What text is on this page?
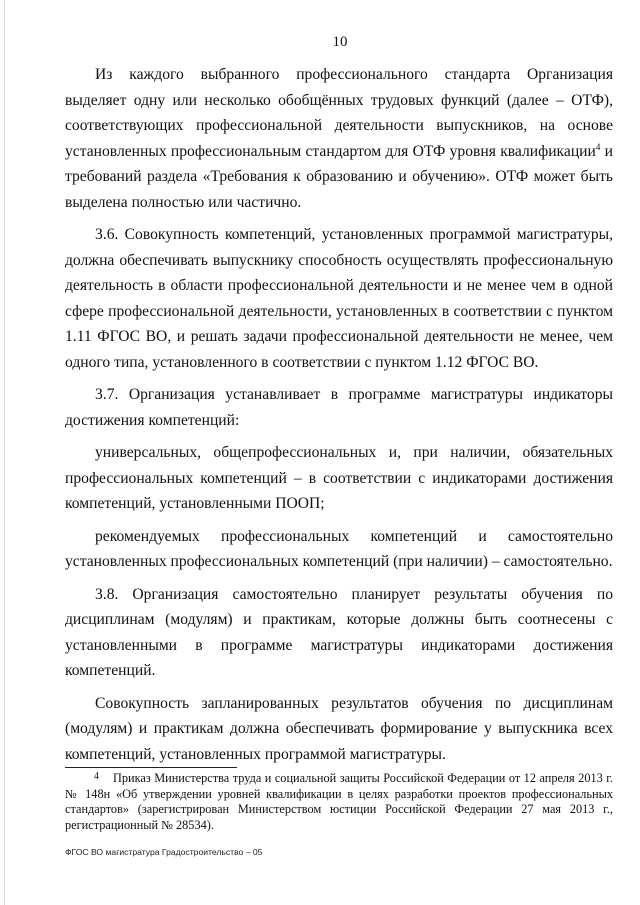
10

Из каждого выбранного профессионального стандарта Организация выделяет одну или несколько обобщённых трудовых функций (далее – ОТФ), соответствующих профессиональной деятельности выпускников, на основе установленных профессиональным стандартом для ОТФ уровня квалификации$^4$ и требований раздела «Требования к образованию и обучению». ОТФ может быть выделена полностью или частично.

3.6. Совокупность компетенций, установленных программой магистратуры, должна обеспечивать выпускнику способность осуществлять профессиональную деятельность в области профессиональной деятельности и не менее чем в одной сфере профессиональной деятельности, установленных в соответствии с пунктом 1.11 ФГОС ВО, и решать задачи профессиональной деятельности не менее, чем одного типа, установленного в соответствии с пунктом 1.12 ФГОС ВО.

3.7. Организация устанавливает в программе магистратуры индикаторы достижения компетенций:

универсальных, общепрофессиональных и, при наличии, обязательных профессиональных компетенций – в соответствии с индикаторами достижения компетенций, установленными ПООП;

рекомендуемых профессиональных компетенций и самостоятельно установленных профессиональных компетенций (при наличии) – самостоятельно.

3.8. Организация самостоятельно планирует результаты обучения по дисциплинам (модулям) и практикам, которые должны быть соотнесены с установленными в программе магистратуры индикаторами достижения компетенций.

Совокупность запланированных результатов обучения по дисциплинам (модулям) и практикам должна обеспечивать формирование у выпускника всех компетенций, установленных программой магистратуры.

4 Приказ Министерства труда и социальной защиты Российской Федерации от 12 апреля 2013 г. № 148н «Об утверждении уровней квалификации в целях разработки проектов профессиональных стандартов» (зарегистрирован Министерством юстиции Российской Федерации 27 мая 2013 г., регистрационный № 28534).
ФГОС ВО магистратура Градостроительство – 05
